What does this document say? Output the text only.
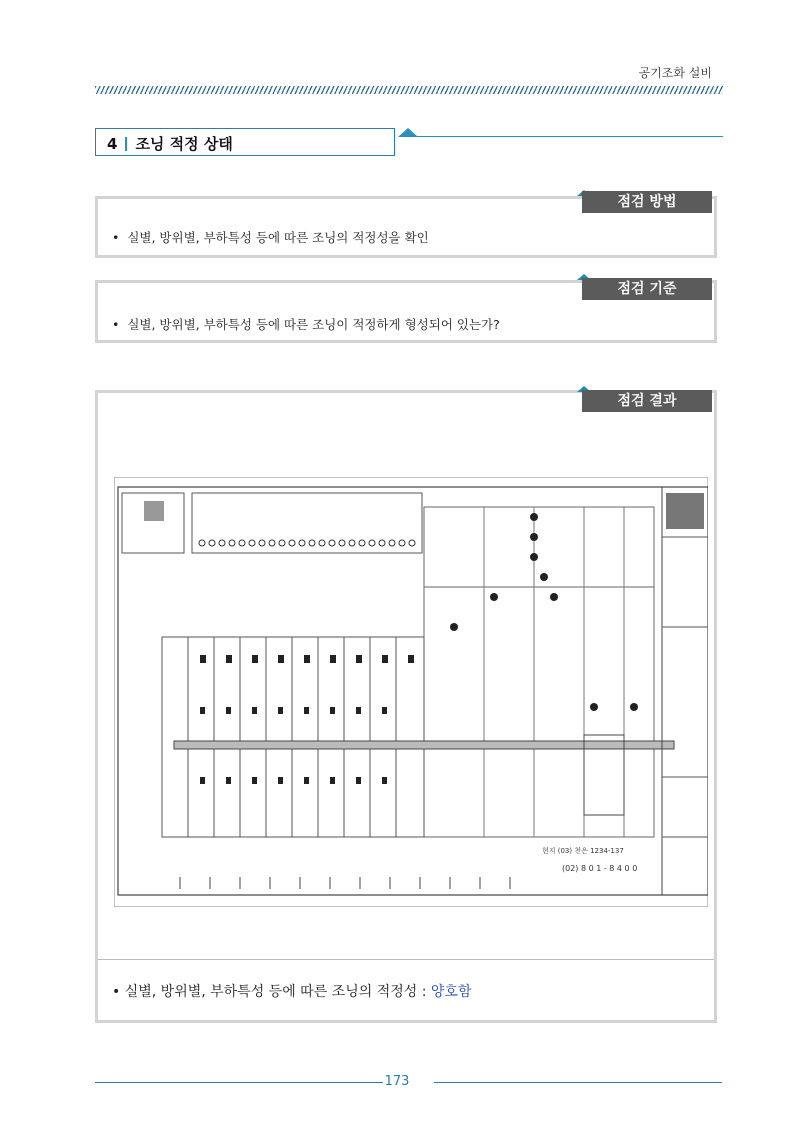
공기조화 설비
4 조닝 적정 상태
점검 방법
•  실별, 방위별, 부하특성 등에 따른 조닝의 적정성을 확인
점검 기준
•  실별, 방위별, 부하특성 등에 따른 조닝이 적정하게 형성되어 있는가?
점검 결과
현지 (03) 천은 1234-137
(02) 8 0 1 - 8 4 0 0
• 실별, 방위별, 부하특성 등에 따른 조닝의 적정성 : 양호함
173
